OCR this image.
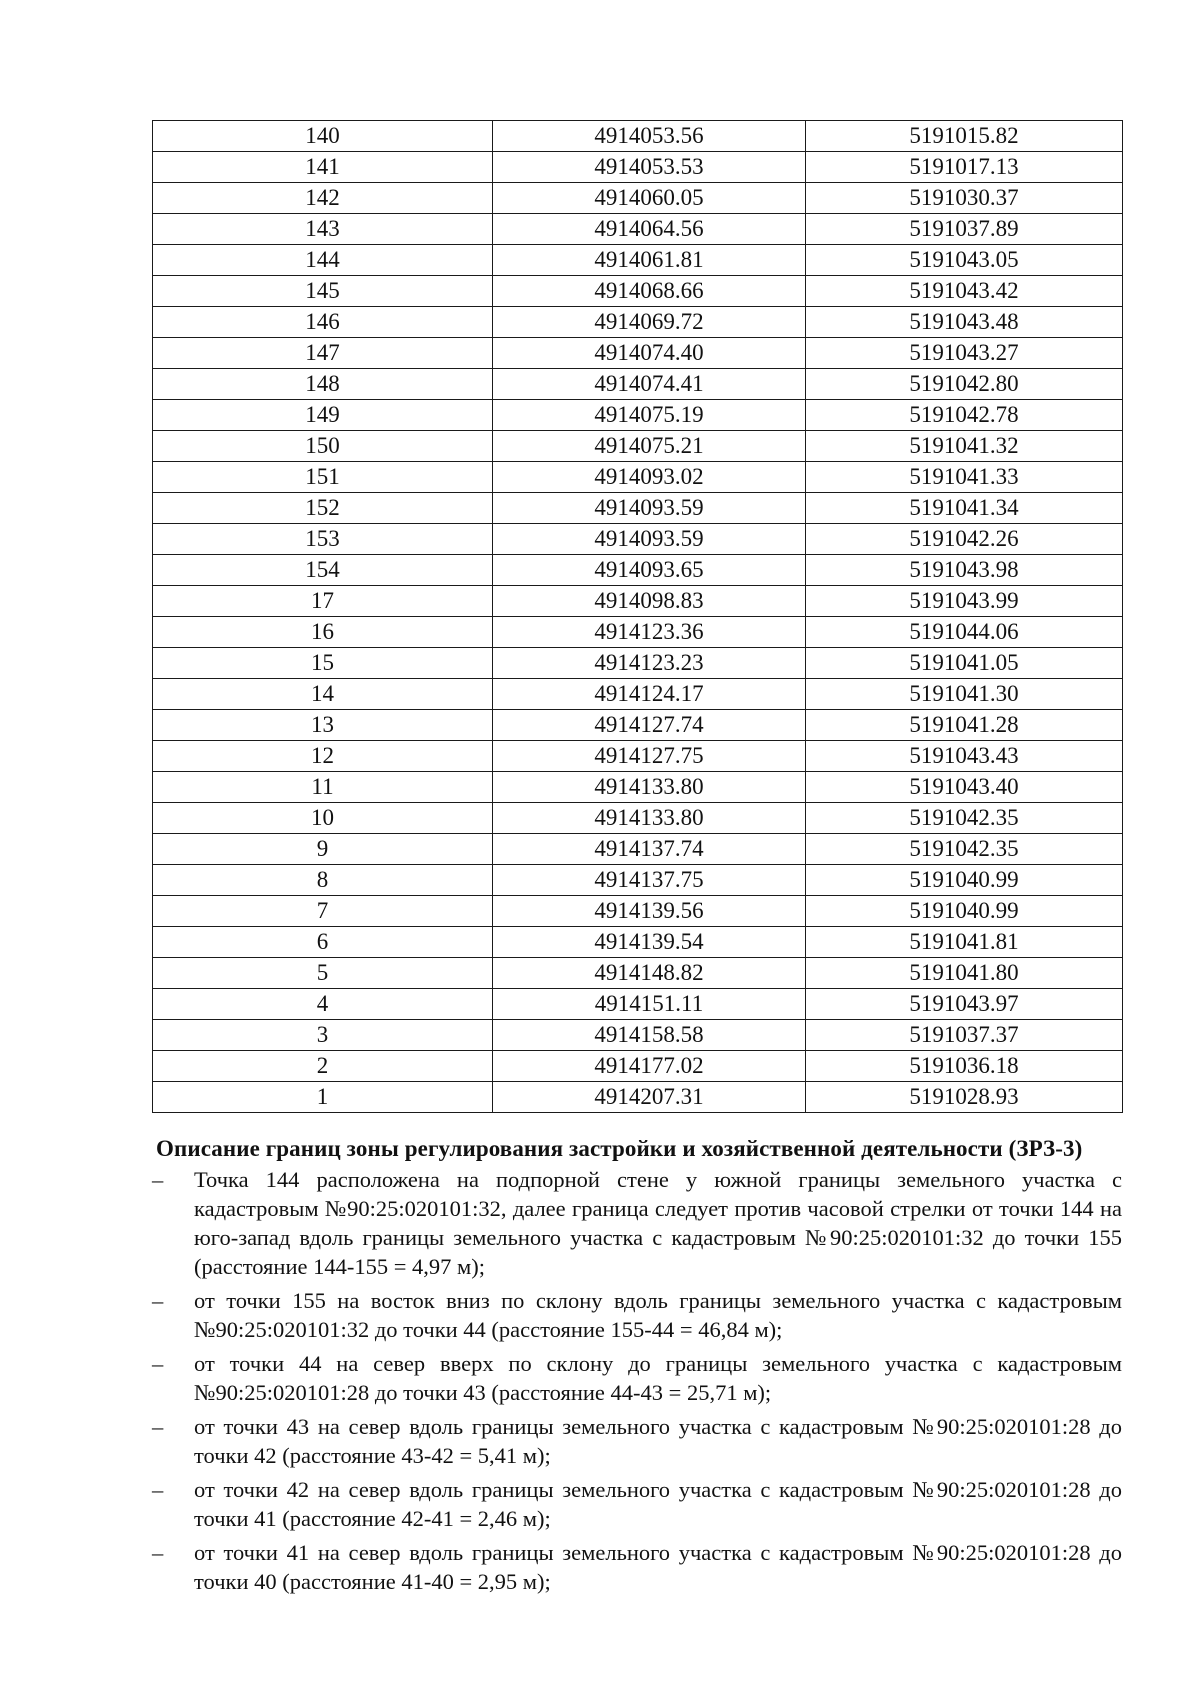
140	4914053.56	5191015.82
141	4914053.53	5191017.13
142	4914060.05	5191030.37
143	4914064.56	5191037.89
144	4914061.81	5191043.05
145	4914068.66	5191043.42
146	4914069.72	5191043.48
147	4914074.40	5191043.27
148	4914074.41	5191042.80
149	4914075.19	5191042.78
150	4914075.21	5191041.32
151	4914093.02	5191041.33
152	4914093.59	5191041.34
153	4914093.59	5191042.26
154	4914093.65	5191043.98
17	4914098.83	5191043.99
16	4914123.36	5191044.06
15	4914123.23	5191041.05
14	4914124.17	5191041.30
13	4914127.74	5191041.28
12	4914127.75	5191043.43
11	4914133.80	5191043.40
10	4914133.80	5191042.35
9	4914137.74	5191042.35
8	4914137.75	5191040.99
7	4914139.56	5191040.99
6	4914139.54	5191041.81
5	4914148.82	5191041.80
4	4914151.11	5191043.97
3	4914158.58	5191037.37
2	4914177.02	5191036.18
1	4914207.31	5191028.93

Описание границ зоны регулирования застройки и хозяйственной деятельности (ЗРЗ-3)

– Точка 144 расположена на подпорной стене у южной границы земельного участка с кадастровым №90:25:020101:32, далее граница следует против часовой стрелки от точки 144 на юго-запад вдоль границы земельного участка с кадастровым №90:25:020101:32 до точки 155 (расстояние 144-155 = 4,97 м);
– от точки 155 на восток вниз по склону вдоль границы земельного участка с кадастровым №90:25:020101:32 до точки 44 (расстояние 155-44 = 46,84 м);
– от точки 44 на север вверх по склону до границы земельного участка с кадастровым №90:25:020101:28 до точки 43 (расстояние 44-43 = 25,71 м);
– от точки 43 на север вдоль границы земельного участка с кадастровым №90:25:020101:28 до точки 42 (расстояние 43-42 = 5,41 м);
– от точки 42 на север вдоль границы земельного участка с кадастровым №90:25:020101:28 до точки 41 (расстояние 42-41 = 2,46 м);
– от точки 41 на север вдоль границы земельного участка с кадастровым №90:25:020101:28 до точки 40 (расстояние 41-40 = 2,95 м);
